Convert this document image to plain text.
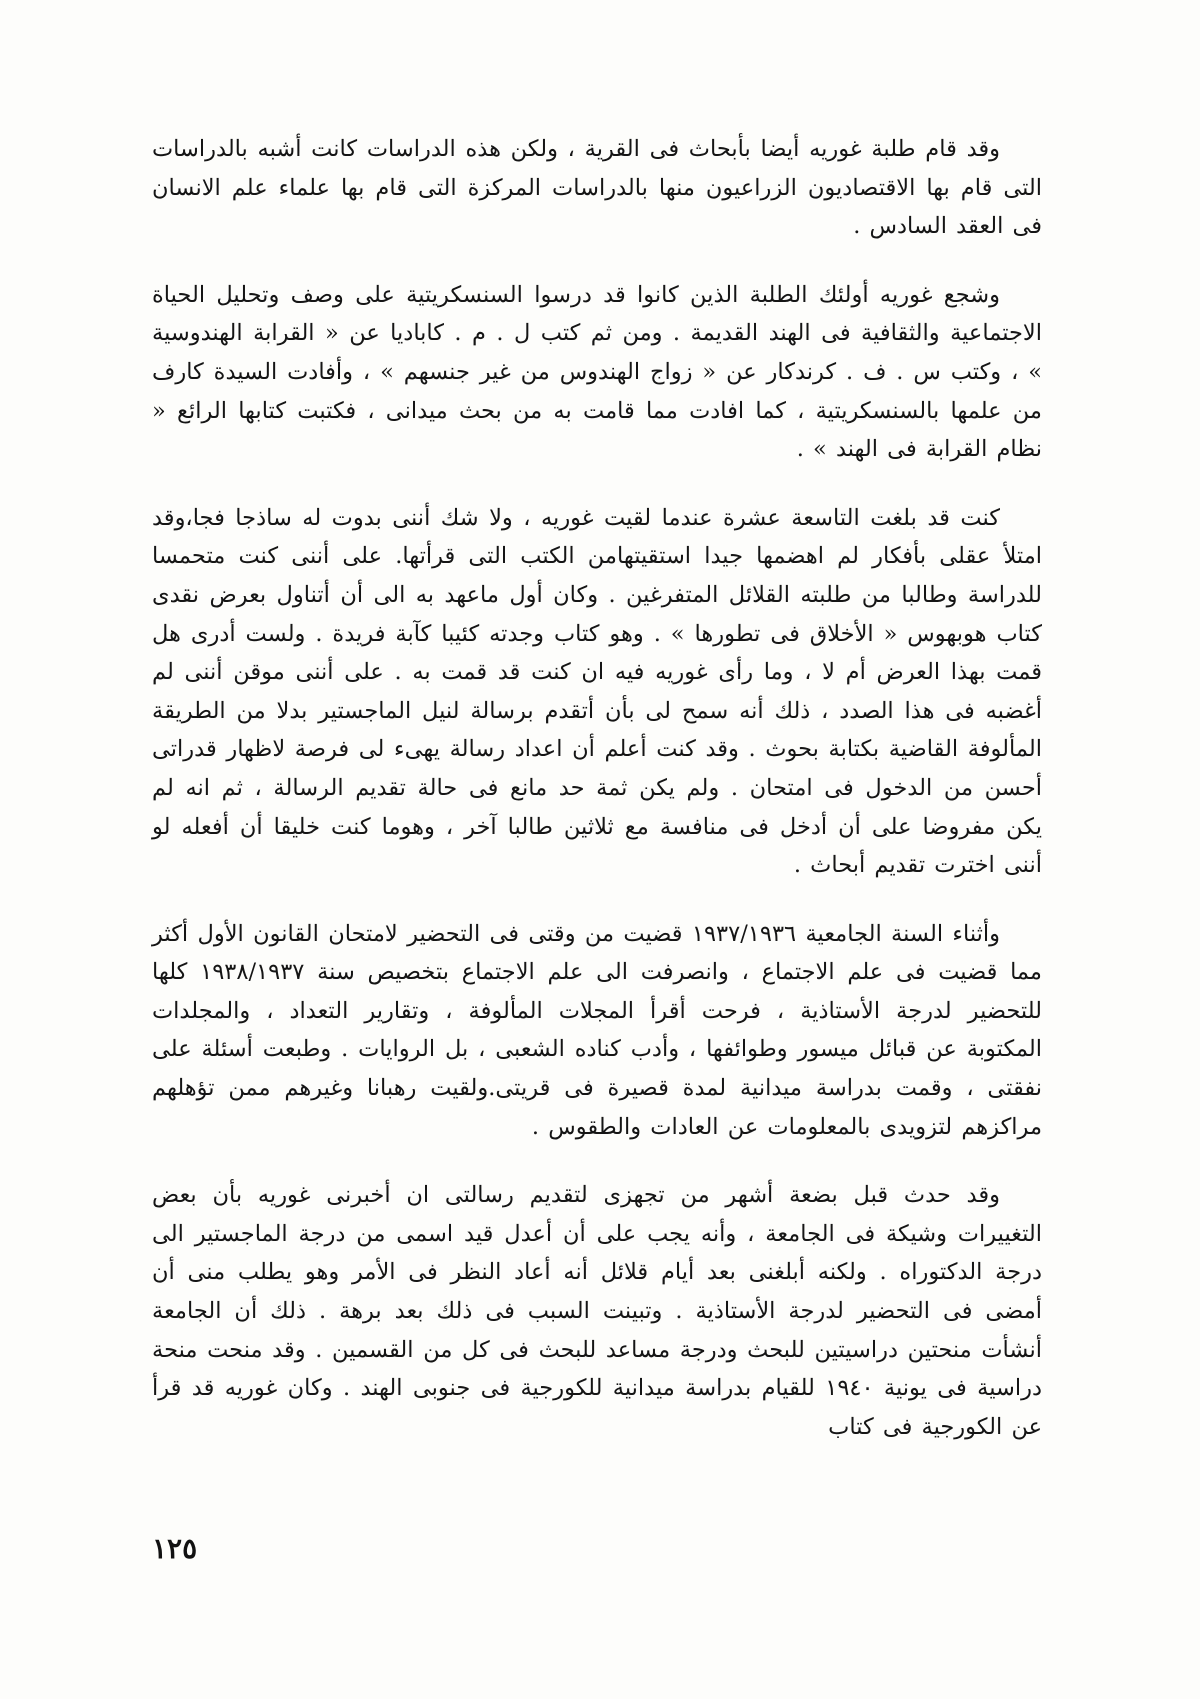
وقد قام طلبة غوريه أيضا بأبحاث فى القرية ، ولكن هذه الدراسات كانت أشبه بالدراسات التى قام بها الاقتصاديون الزراعيون منها بالدراسات المركزة التى قام بها علماء علم الانسان فى العقد السادس .

وشجع غوريه أولئك الطلبة الذين كانوا قد درسوا السنسكريتية على وصف وتحليل الحياة الاجتماعية والثقافية فى الهند القديمة . ومن ثم كتب ل . م . كاباديا عن « القرابة الهندوسية » ، وكتب س . ف . كرندكار عن « زواج الهندوس من غير جنسهم » ، وأفادت السيدة كارف من علمها بالسنسكريتية ، كما افادت مما قامت به من بحث ميدانى ، فكتبت كتابها الرائع « نظام القرابة فى الهند » .

كنت قد بلغت التاسعة عشرة عندما لقيت غوريه ، ولا شك أننى بدوت له ساذجا فجا،وقد امتلأ عقلى بأفكار لم اهضمها جيدا استقيتهامن الكتب التى قرأتها. على أننى كنت متحمسا للدراسة وطالبا من طلبته القلائل المتفرغين . وكان أول ماعهد به الى أن أتناول بعرض نقدى كتاب هوبهوس « الأخلاق فى تطورها » . وهو كتاب وجدته كئيبا كآبة فريدة . ولست أدرى هل قمت بهذا العرض أم لا ، وما رأى غوريه فيه ان كنت قد قمت به . على أننى موقن أننى لم أغضبه فى هذا الصدد ، ذلك أنه سمح لى بأن أتقدم برسالة لنيل الماجستير بدلا من الطريقة المألوفة القاضية بكتابة بحوث . وقد كنت أعلم أن اعداد رسالة يهىء لى فرصة لاظهار قدراتى أحسن من الدخول فى امتحان . ولم يكن ثمة حد مانع فى حالة تقديم الرسالة ، ثم انه لم يكن مفروضا على أن أدخل فى منافسة مع ثلاثين طالبا آخر ، وهوما كنت خليقا أن أفعله لو أننى اخترت تقديم أبحاث .

وأثناء السنة الجامعية ١٩٣٧/١٩٣٦ قضيت من وقتى فى التحضير لامتحان القانون الأول أكثر مما قضيت فى علم الاجتماع ، وانصرفت الى علم الاجتماع بتخصيص سنة ١٩٣٨/١٩٣٧ كلها للتحضير لدرجة الأستاذية ، فرحت أقرأ المجلات المألوفة ، وتقارير التعداد ، والمجلدات المكتوبة عن قبائل ميسور وطوائفها ، وأدب كناده الشعبى ، بل الروايات . وطبعت أسئلة على نفقتى ، وقمت بدراسة ميدانية لمدة قصيرة فى قريتى.ولقيت رهبانا وغيرهم ممن تؤهلهم مراكزهم لتزويدى بالمعلومات عن العادات والطقوس .

وقد حدث قبل بضعة أشهر من تجهزى لتقديم رسالتى ان أخبرنى غوريه بأن بعض التغييرات وشيكة فى الجامعة ، وأنه يجب على أن أعدل قيد اسمى من درجة الماجستير الى درجة الدكتوراه . ولكنه أبلغنى بعد أيام قلائل أنه أعاد النظر فى الأمر وهو يطلب منى أن أمضى فى التحضير لدرجة الأستاذية . وتبينت السبب فى ذلك بعد برهة . ذلك أن الجامعة أنشأت منحتين دراسيتين للبحث ودرجة مساعد للبحث فى كل من القسمين . وقد منحت منحة دراسية فى يونية ١٩٤٠ للقيام بدراسة ميدانية للكورجية فى جنوبى الهند . وكان غوريه قد قرأ عن الكورجية فى كتاب

١٢٥
